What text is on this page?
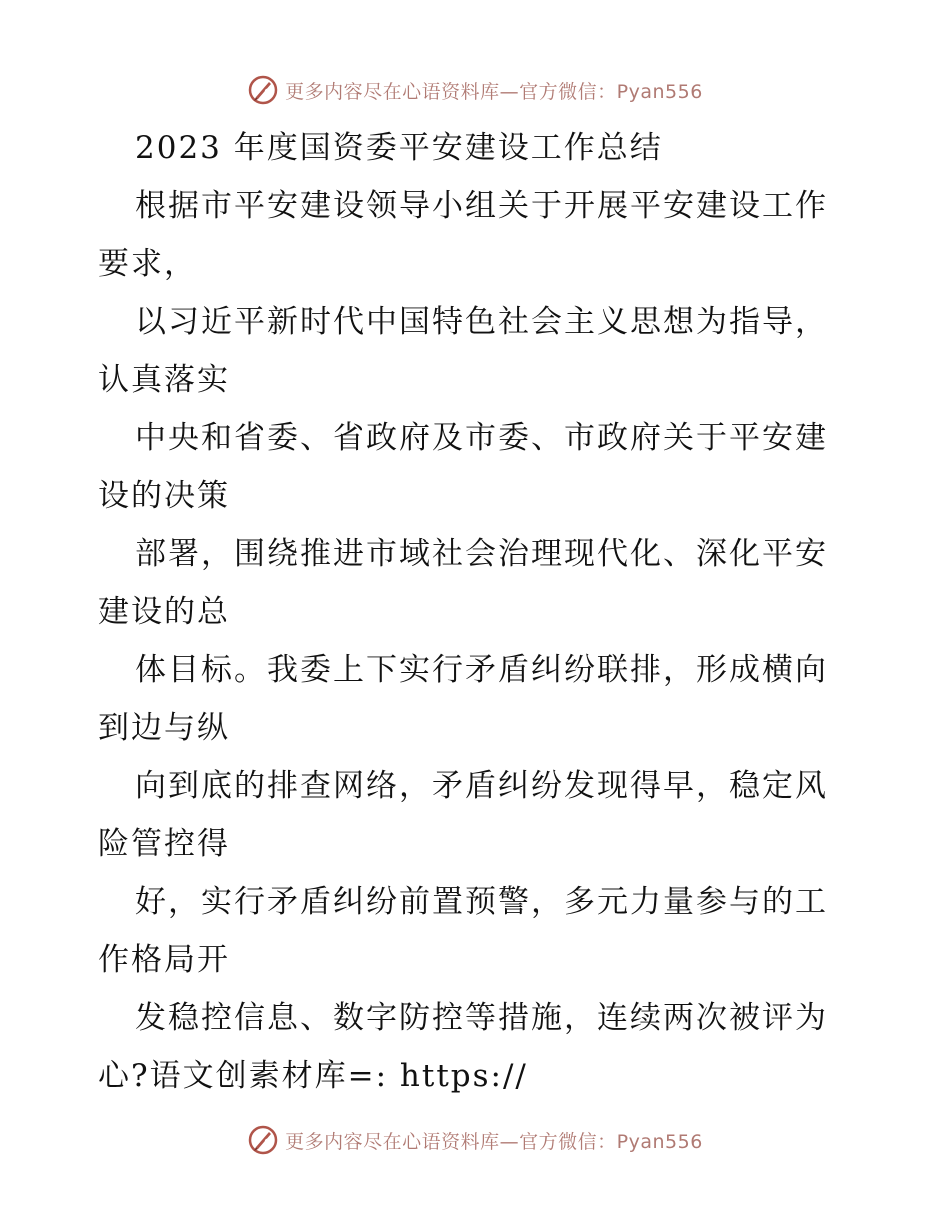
更多内容尽在心语资料库—官方微信：Pyan556
2023 年度国资委平安建设工作总结
根据市平安建设领导小组关于开展平安建设工作
要求，
以习近平新时代中国特色社会主义思想为指导，
认真落实
中央和省委、省政府及市委、市政府关于平安建
设的决策
部署，围绕推进市域社会治理现代化、深化平安
建设的总
体目标。我委上下实行矛盾纠纷联排，形成横向
到边与纵
向到底的排查网络，矛盾纠纷发现得早，稳定风
险管控得
好，实行矛盾纠纷前置预警，多元力量参与的工
作格局开
发稳控信息、数字防控等措施，连续两次被评为
心?语文创素材库=: https://
更多内容尽在心语资料库—官方微信：Pyan556
